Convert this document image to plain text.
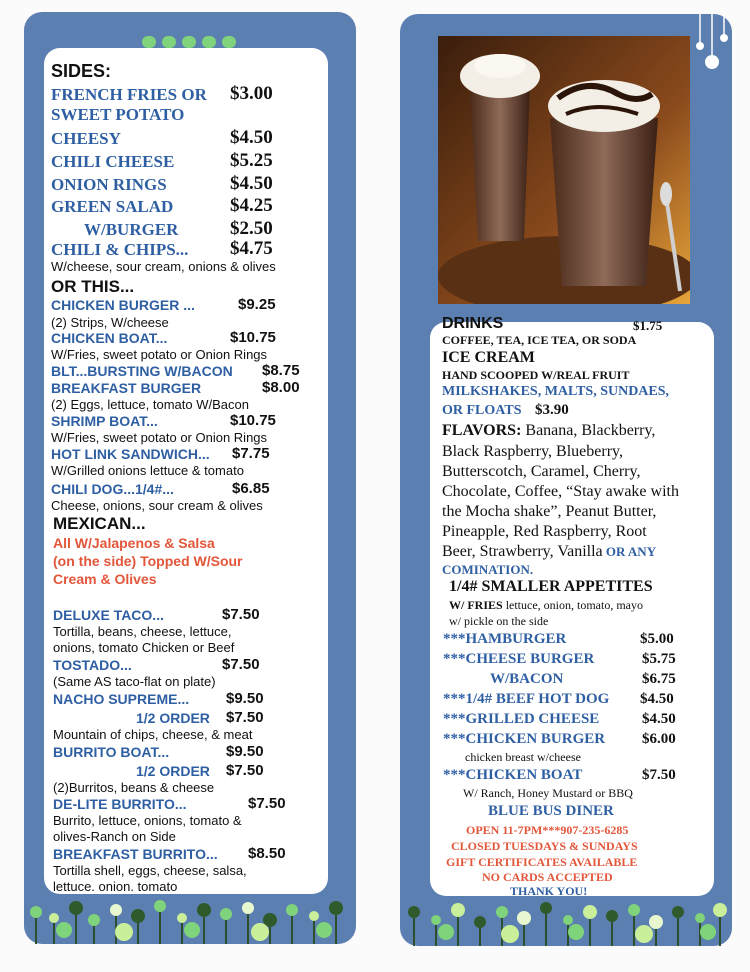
SIDES:
FRENCH FRIES OR $3.00
SWEET POTATO
CHEESY	$4.50
CHILI CHEESE	$5.25
ONION RINGS	$4.50
GREEN SALAD	$4.25
W/BURGER	$2.50
CHILI & CHIPS... $4.75
W/cheese, sour cream, onions & olives
OR THIS...
CHICKEN BURGER ...	$9.25
(2) Strips, W/cheese
CHICKEN BOAT...	$10.75
W/Fries, sweet potato or Onion Rings
BLT...BURSTING W/BACON $8.75
BREAKFAST BURGER	$8.00
(2) Eggs, lettuce, tomato W/Bacon
SHRIMP BOAT...	$10.75
W/Fries, sweet potato or Onion Rings
HOT LINK SANDWICH... $7.75
W/Grilled onions lettuce & tomato
CHILI DOG...1/4#...	$6.85
Cheese, onions, sour cream & olives
MEXICAN...
All W/Jalapenos & Salsa
(on the side) Topped W/Sour
Cream & Olives
DELUXE TACO...	$7.50
Tortilla, beans, cheese, lettuce,
onions, tomato Chicken or Beef
TOSTADO...	$7.50
(Same AS taco-flat on plate)
NACHO SUPREME... $9.50
1/2 ORDER $7.50
Mountain of chips, cheese, & meat
BURRITO BOAT...	$9.50
1/2 ORDER $7.50
(2)Burritos, beans & cheese
DE-LITE BURRITO...	$7.50
Burrito, lettuce, onions, tomato &
olives-Ranch on Side
BREAKFAST BURRITO... $8.50
Tortilla shell, eggs, cheese, salsa,
lettuce. onion. tomato
DRINKS	$1.75
COFFEE, TEA, ICE TEA, OR SODA
ICE CREAM
HAND SCOOPED W/REAL FRUIT
MILKSHAKES, MALTS, SUNDAES,
OR FLOATS $3.90
FLAVORS: Banana, Blackberry,
Black Raspberry, Blueberry,
Butterscotch, Caramel, Cherry,
Chocolate, Coffee, “Stay awake with
the Mocha shake”, Peanut Butter,
Pineapple, Red Raspberry, Root
Beer, Strawberry, Vanilla OR ANY
COMINATION.
1/4# SMALLER APPETITES
W/ FRIES lettuce, onion, tomato, mayo
w/ pickle on the side
***HAMBURGER	$5.00
***CHEESE BURGER	$5.75
W/BACON	$6.75
***1/4# BEEF HOT DOG $4.50
***GRILLED CHEESE	$4.50
***CHICKEN BURGER $6.00
chicken breast w/cheese
***CHICKEN BOAT	$7.50
W/ Ranch, Honey Mustard or BBQ
BLUE BUS DINER
OPEN 11-7PM***907-235-6285
CLOSED TUESDAYS & SUNDAYS
GIFT CERTIFICATES AVAILABLE
NO CARDS ACCEPTED
THANK YOU!
